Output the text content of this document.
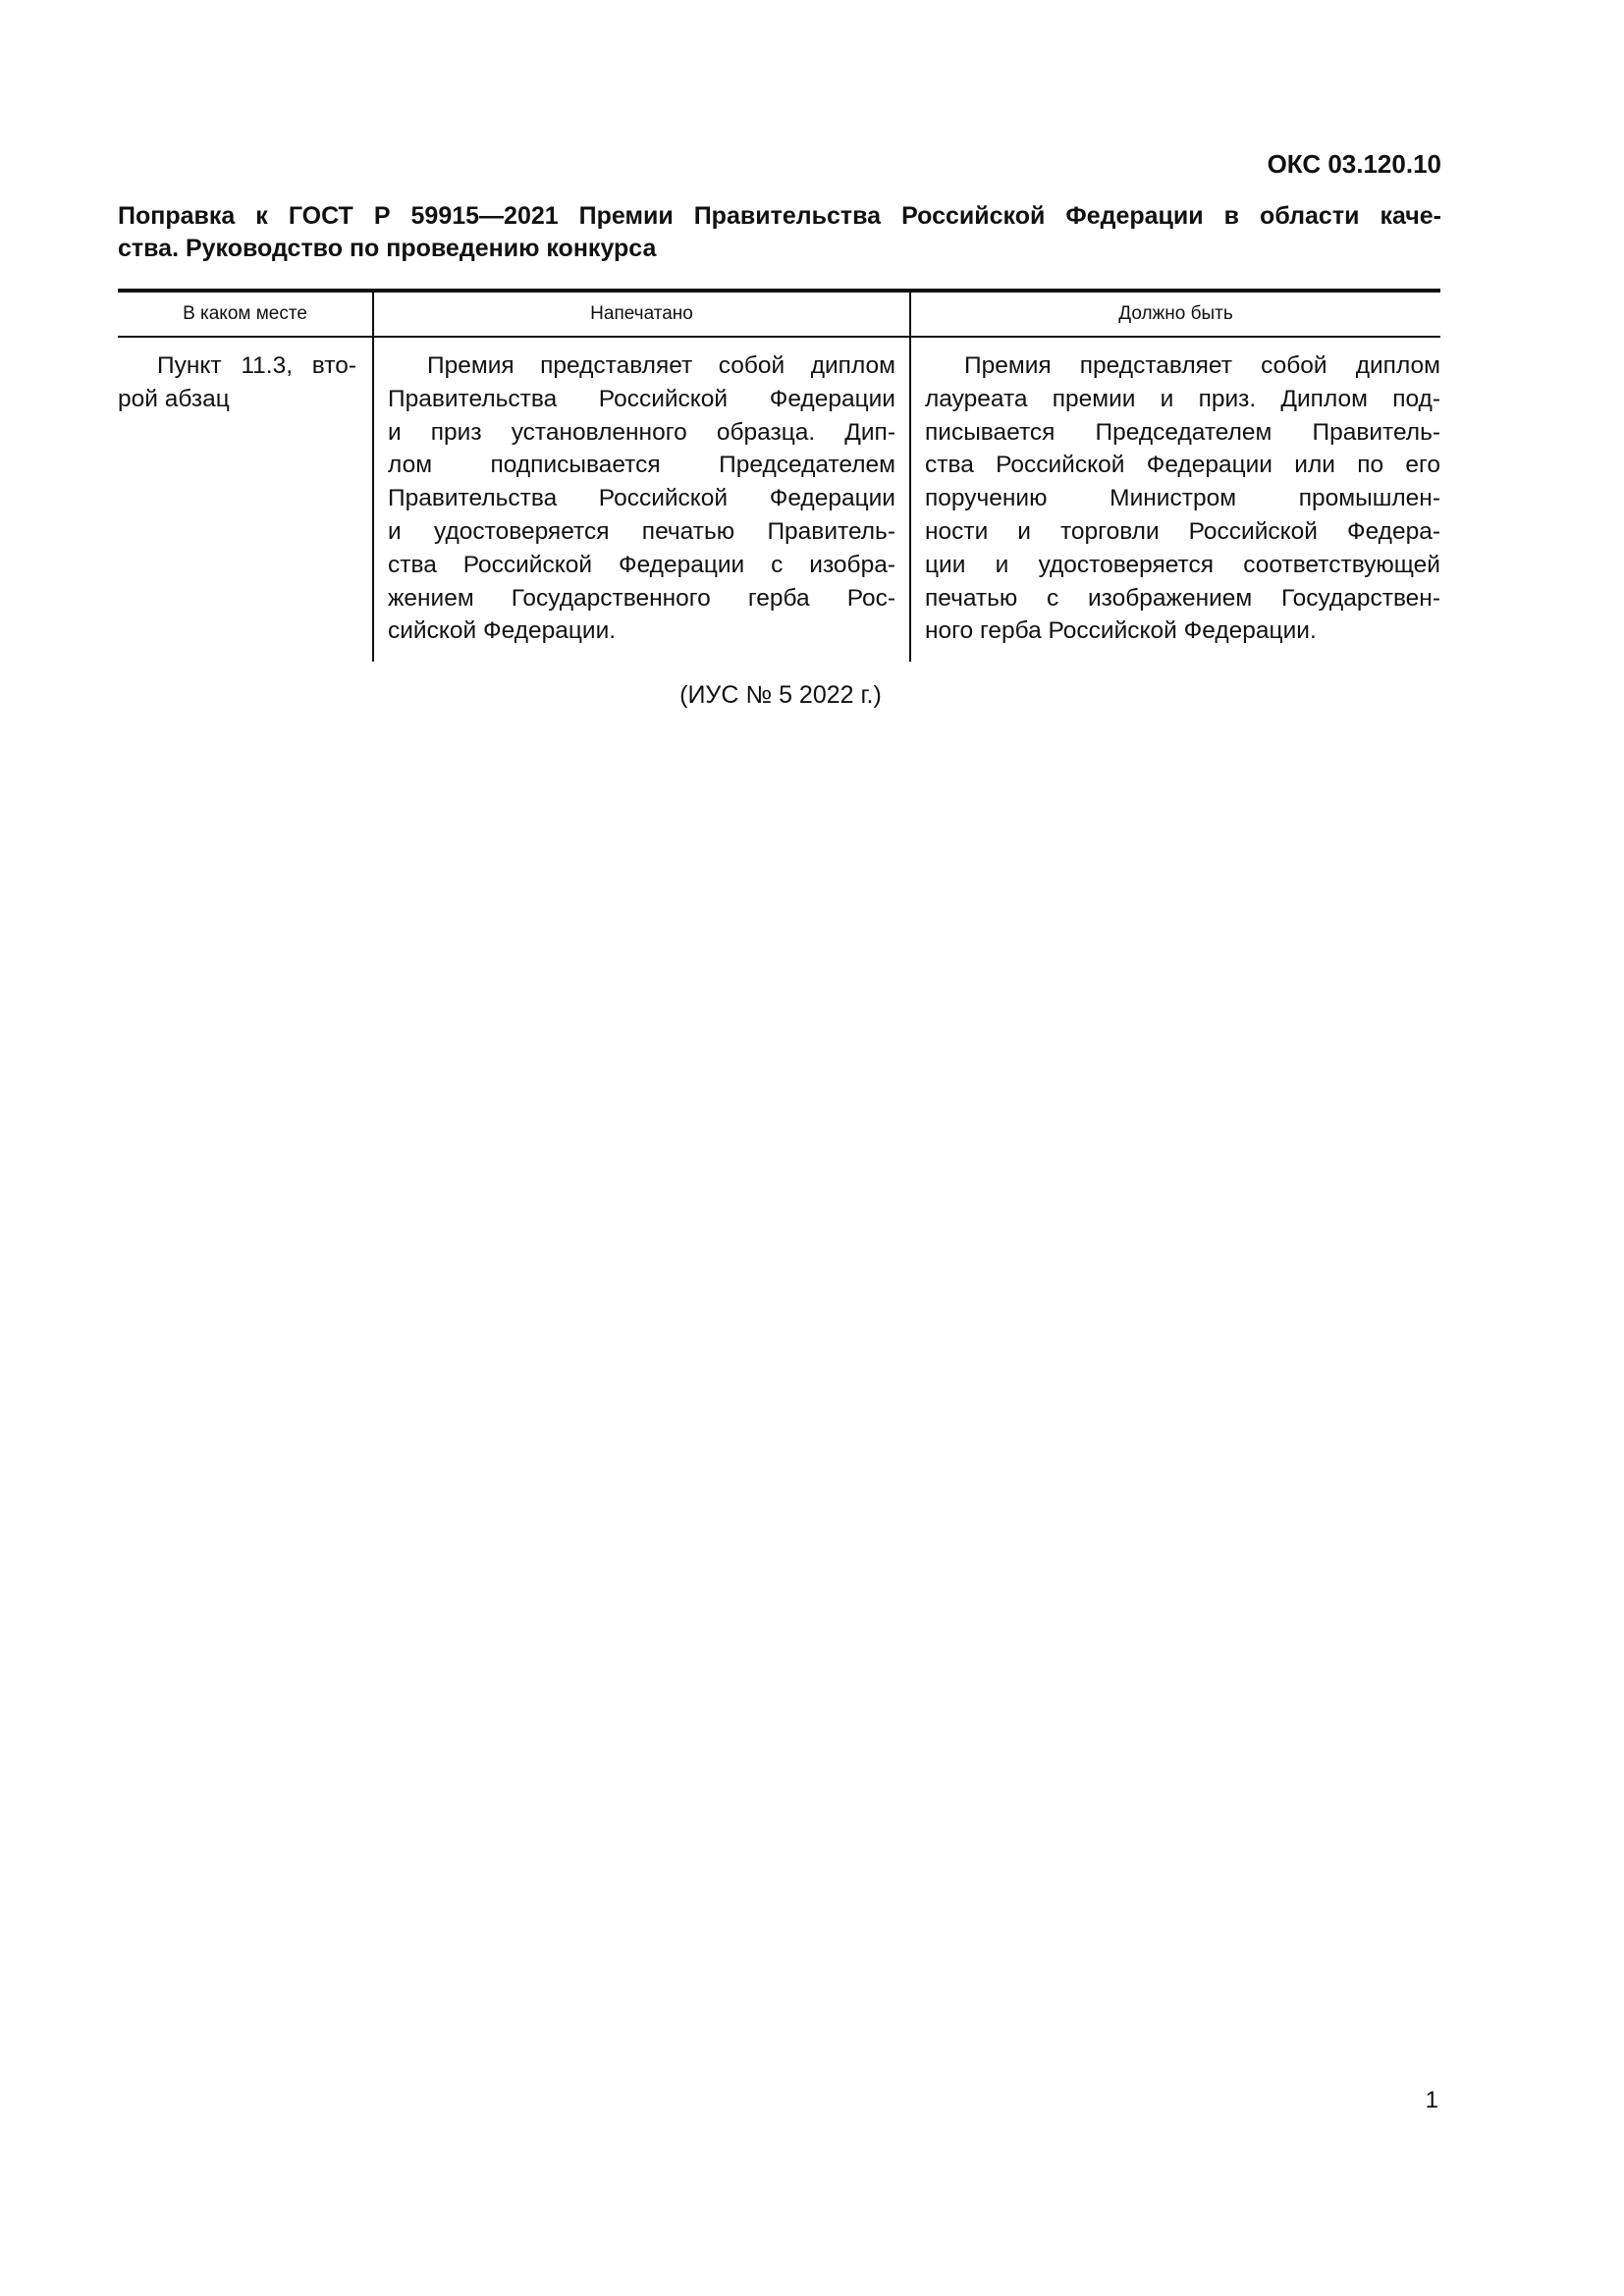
ОКС 03.120.10
Поправка к ГОСТ Р 59915—2021 Премии Правительства Российской Федерации в области каче-
ства. Руководство по проведению конкурса
В каком месте	Напечатано	Должно быть
Пункт 11.3, вто-
рой абзац
Премия представляет собой диплом
Правительства Российской Федерации
и приз установленного образца. Дип-
лом подписывается Председателем
Правительства Российской Федерации
и удостоверяется печатью Правитель-
ства Российской Федерации с изобра-
жением Государственного герба Рос-
сийской Федерации.
Премия представляет собой диплом
лауреата премии и приз. Диплом под-
писывается Председателем Правитель-
ства Российской Федерации или по его
поручению Министром промышлен-
ности и торговли Российской Федера-
ции и удостоверяется соответствующей
печатью с изображением Государствен-
ного герба Российской Федерации.
(ИУС № 5 2022 г.)
1
